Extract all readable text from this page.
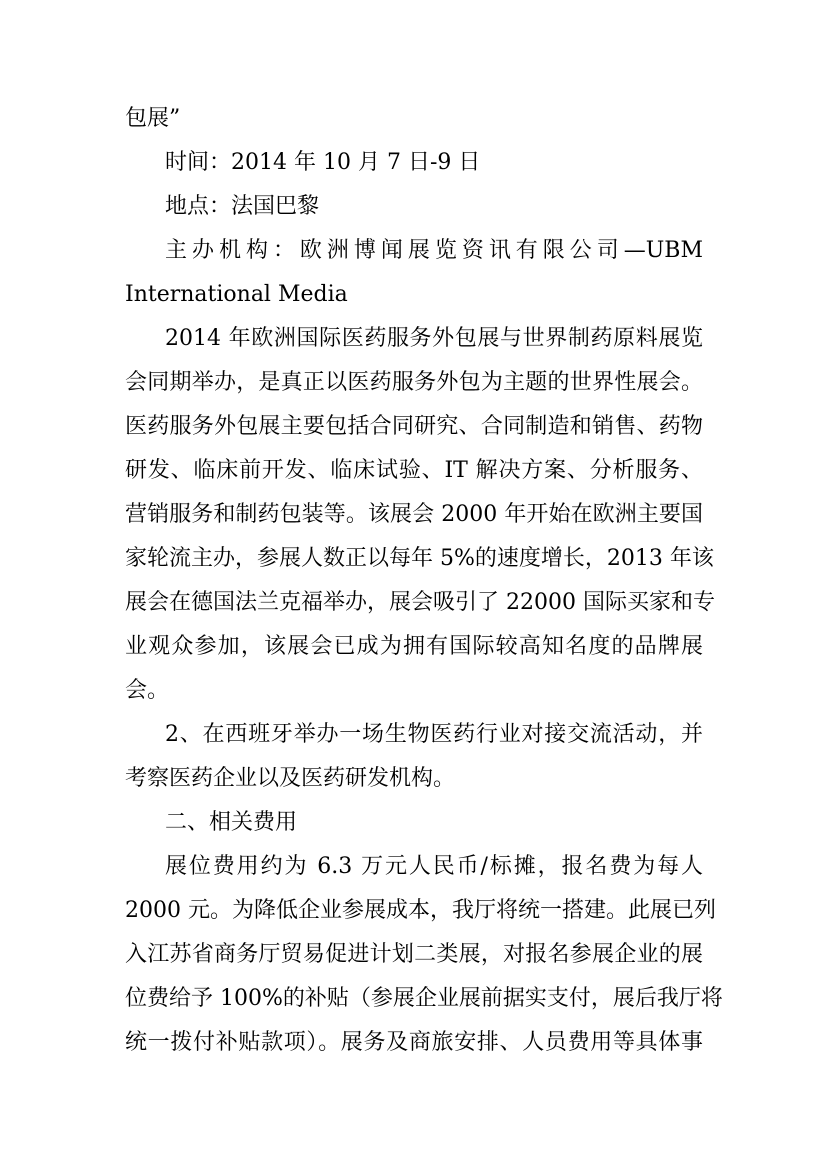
包展”
时间：2014 年 10 月 7 日-9 日
地点：法国巴黎
主办机构：欧洲博闻展览资讯有限公司—UBM
International Media
2014 年欧洲国际医药服务外包展与世界制药原料展览
会同期举办，是真正以医药服务外包为主题的世界性展会。
医药服务外包展主要包括合同研究、合同制造和销售、药物
研发、临床前开发、临床试验、IT 解决方案、分析服务、
营销服务和制药包装等。该展会 2000 年开始在欧洲主要国
家轮流主办，参展人数正以每年 5%的速度增长，2013 年该
展会在德国法兰克福举办，展会吸引了 22000 国际买家和专
业观众参加，该展会已成为拥有国际较高知名度的品牌展
会。
2、在西班牙举办一场生物医药行业对接交流活动，并
考察医药企业以及医药研发机构。
二、相关费用
展位费用约为 6.3 万元人民币/标摊，报名费为每人
2000 元。为降低企业参展成本，我厅将统一搭建。此展已列
入江苏省商务厅贸易促进计划二类展，对报名参展企业的展
位费给予 100%的补贴（参展企业展前据实支付，展后我厅将
统一拨付补贴款项）。展务及商旅安排、人员费用等具体事
